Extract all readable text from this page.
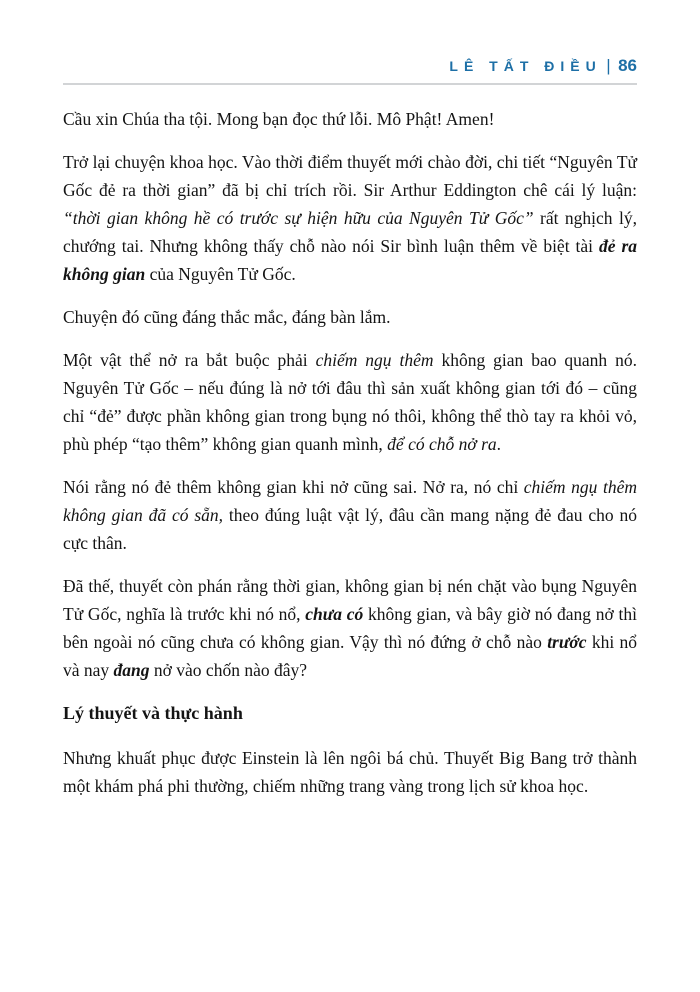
LÊ TẤT ĐIỀU | 86

Cầu xin Chúa tha tội. Mong bạn đọc thứ lỗi. Mô Phật! Amen!

Trở lại chuyện khoa học. Vào thời điểm thuyết mới chào đời, chi tiết “Nguyên Tử Gốc đẻ ra thời gian” đã bị chỉ trích rồi. Sir Arthur Eddington chê cái lý luận: “thời gian không hề có trước sự hiện hữu của Nguyên Tử Gốc” rất nghịch lý, chướng tai. Nhưng không thấy chỗ nào nói Sir bình luận thêm về biệt tài đẻ ra không gian của Nguyên Tử Gốc.

Chuyện đó cũng đáng thắc mắc, đáng bàn lắm.

Một vật thể nở ra bắt buộc phải chiếm ngụ thêm không gian bao quanh nó. Nguyên Tử Gốc – nếu đúng là nở tới đâu thì sản xuất không gian tới đó – cũng chỉ “đẻ” được phần không gian trong bụng nó thôi, không thể thò tay ra khỏi vỏ, phù phép “tạo thêm” không gian quanh mình, để có chỗ nở ra.

Nói rằng nó đẻ thêm không gian khi nở cũng sai. Nở ra, nó chỉ chiếm ngụ thêm không gian đã có sẵn, theo đúng luật vật lý, đâu cần mang nặng đẻ đau cho nó cực thân.

Đã thế, thuyết còn phán rằng thời gian, không gian bị nén chặt vào bụng Nguyên Tử Gốc, nghĩa là trước khi nó nổ, chưa có không gian, và bây giờ nó đang nở thì bên ngoài nó cũng chưa có không gian. Vậy thì nó đứng ở chỗ nào trước khi nổ và nay đang nở vào chốn nào đây?

Lý thuyết và thực hành

Nhưng khuất phục được Einstein là lên ngôi bá chủ. Thuyết Big Bang trở thành một khám phá phi thường, chiếm những trang vàng trong lịch sử khoa học.
